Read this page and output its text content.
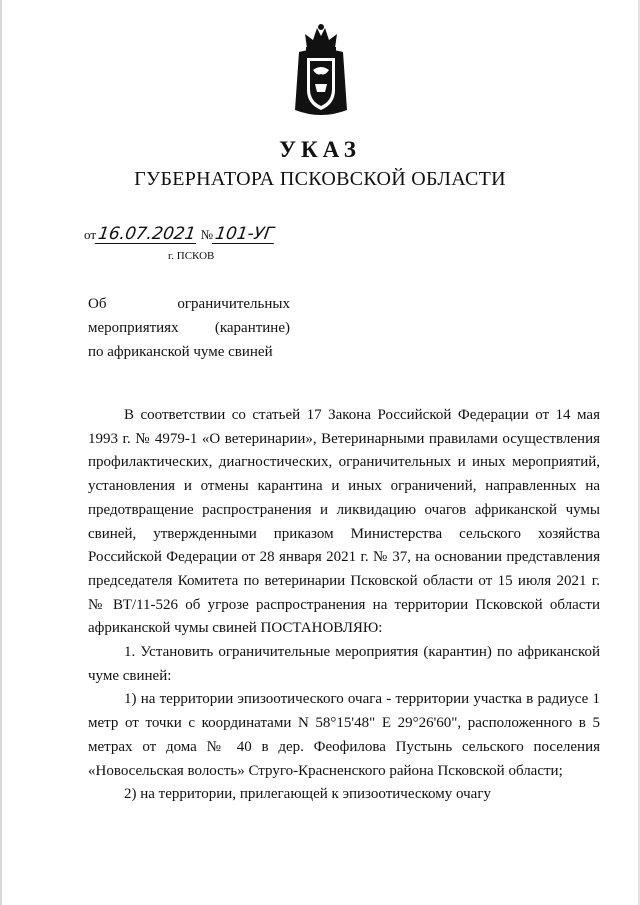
УКАЗ
ГУБЕРНАТОРА ПСКОВСКОЙ ОБЛАСТИ
от16.07.2021 №101-УГ
г. ПСКОВ
Об	ограничительных
мероприятиях (карантине)
по африканской чуме свиней

В соответствии со статьей 17 Закона Российской Федерации от 14 мая 1993 г. № 4979-1 «О ветеринарии», Ветеринарными правилами осуществления профилактических, диагностических, ограничительных и иных мероприятий, установления и отмены карантина и иных ограничений, направленных на предотвращение распространения и ликвидацию очагов африканской чумы свиней, утвержденными приказом Министерства сельского хозяйства Российской Федерации от 28 января 2021 г. № 37, на основании представления председателя Комитета по ветеринарии Псковской области от 15 июля 2021 г. № ВТ/11-526 об угрозе распространения на территории Псковской области африканской чумы свиней ПОСТАНОВЛЯЮ:

1. Установить ограничительные мероприятия (карантин) по африканской чуме свиней:

1) на территории эпизоотического очага - территории участка в радиусе 1 метр от точки с координатами N 58°15'48" E 29°26'60", расположенного в 5 метрах от дома № 40 в дер. Феофилова Пустынь сельского поселения «Новосельская волость» Струго-Красненского района Псковской области;

2) на территории, прилегающей к эпизоотическому очагу
